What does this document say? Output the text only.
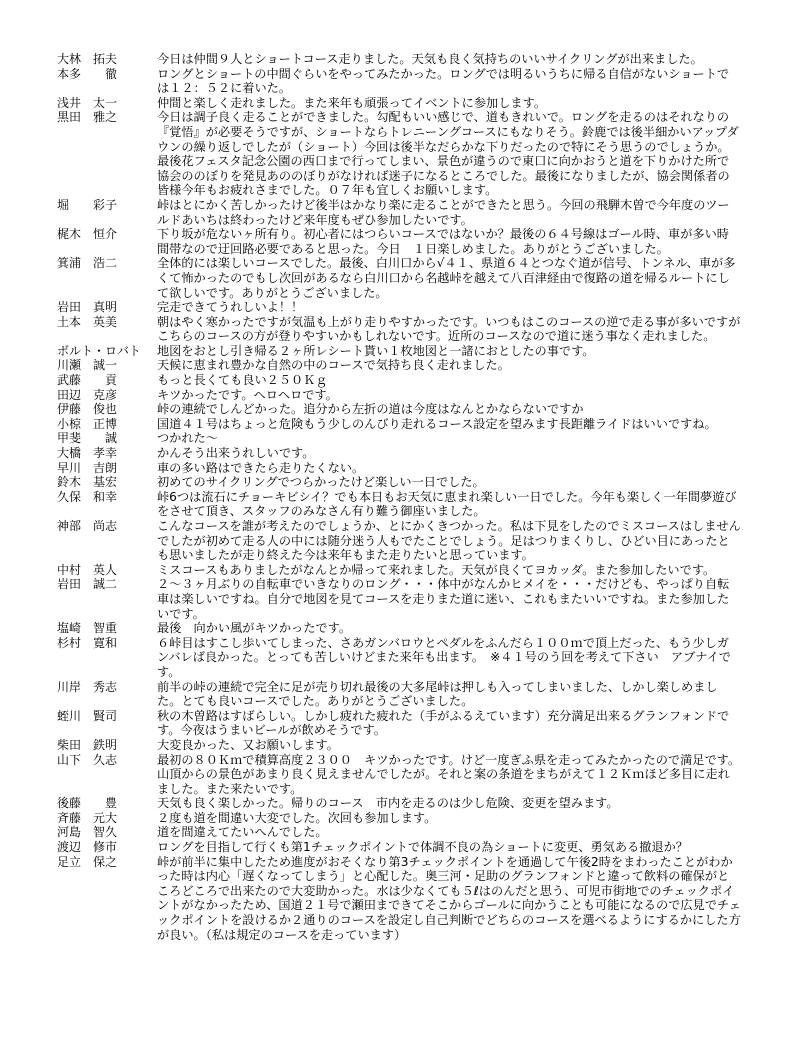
大林　拓夫	今日は仲間９人とショートコース走りました。天気も良く気持ちのいいサイクリングが出来ました。
本多　　徹	ロングとショートの中間ぐらいをやってみたかった。ロングでは明るいうちに帰る自信がないショートでは１２：５２に着いた。
浅井　太一	仲間と楽しく走れました。また来年も頑張ってイベントに参加します。
黒田　雅之	今日は調子良く走ることができました。勾配もいい感じで、道もきれいで。ロングを走るのはそれなりの『覚悟』が必要そうですが、ショートならトレニーングコースにもなりそう。鈴鹿では後半細かいアップダウンの繰り返しでしたが（ショート）今回は後半なだらかな下りだったので特にそう思うのでしょうか。最後花フェスタ記念公園の西口まで行ってしまい、景色が違うので東口に向かおうと道を下りかけた所で協会ののぼりを発見あののぼりがなければ迷子になるところでした。最後になりましたが、協会関係者の皆様今年もお疲れさまでした。０７年も宜しくお願いします。
堀　　彩子	峠はとにかく苦しかったけど後半はかなり楽に走ることができたと思う。今回の飛騨木曽で今年度のツールドあいちは終わったけど来年度もぜひ参加したいです。
梶木　恒介	下り坂が危ないヶ所有り。初心者にはつらいコースではないか？最後の６４号線はゴール時、車が多い時間帯なので迂回路必要であると思った。今日　１日楽しめました。ありがとうございました。
箕浦　浩二	全体的には楽しいコースでした。最後、白川口から√４１、県道６４とつなぐ道が信号、トンネル、車が多くて怖かったのでもし次回があるなら白川口から名越峠を越えて八百津経由で復路の道を帰るルートにして欲しいです。ありがとうございました。
岩田　真明	完走できてうれしいよ！！
土本　英美	朝はやく寒かったですが気温も上がり走りやすかったです。いつもはこのコースの逆で走る事が多いですがこちらのコースの方が登りやすいかもしれないです。近所のコースなので道に迷う事なく走れました。
ボルト・ロバト	地図をおとし引き帰る２ヶ所レシート貰い１枚地図と一諸におとしたの事です。
川瀬　誠一	天候に恵まれ豊かな自然の中のコースで気持ち良く走れました。
武藤　　貢	もっと長くても良い２５０Ｋｇ
田辺　克彦	キツかったです。ヘロヘロです。
伊藤　俊也	峠の連続でしんどかった。追分から左折の道は今度はなんとかならないですか
小椋　正博	国道４１号はちょっと危険もう少しのんびり走れるコース設定を望みます長距離ライドはいいですね。
甲斐　　誠	つかれた～
大橋　孝幸	かんそう出来うれしいです。
早川　吉朗	車の多い路はできたら走りたくない。
鈴木　基宏	初めてのサイクリングでつらかったけど楽しい一日でした。
久保　和幸	峠6つは流石にチョーキビシイ？でも本日もお天気に恵まれ楽しい一日でした。今年も楽しく一年間夢遊びをさせて頂き、スタッフのみなさん有り難う御座いました。
神部　尚志	こんなコースを誰が考えたのでしょうか、とにかくきつかった。私は下見をしたのでミスコースはしませんでしたが初めて走る人の中には随分迷う人もでたことでしょう。足はつりまくりし、ひどい目にあったとも思いましたが走り終えた今は来年もまた走りたいと思っています。
中村　英人	ミスコースもありましたがなんとか帰って来れました。天気が良くてヨカッダ。また参加したいです。
岩田　誠二	２～３ヶ月ぶりの自転車でいきなりのロング・・・体中がなんかヒメイを・・・だけども、やっぱり自転車は楽しいですね。自分で地図を見てコースを走りまた道に迷い、これもまたいいですね。また参加したいです。
塩崎　智重	最後　向かい風がキツかったです。
杉村　寛和	６峠目はすこし歩いてしまった、さあガンバロウとペダルをふんだら１００ｍで頂上だった、もう少しガンバレば良かった。とっても苦しいけどまた来年も出ます。　※４１号のう回を考えて下さい　アブナイです。
川岸　秀志	前半の峠の連続で完全に足が売り切れ最後の大多尾峠は押しも入ってしまいました、しかし楽しめました。とても良いコースでした。ありがとうございました。
蛭川　賢司	秋の木曽路はすばらしい。しかし疲れた疲れた（手がふるえています）充分満足出来るグランフォンドです。今夜はうまいビールが飲めそうです。
柴田　鉄明	大変良かった、又お願いします。
山下　久志	最初の８０Ｋｍで積算高度２３００　キツかったです。けど一度ぎふ県を走ってみたかったので満足です。山頂からの景色があまり良く見えませんでしたが。それと案の条道をまちがえて１２Ｋｍほど多目に走れました。また来たいです。
後藤　　豊	天気も良く楽しかった。帰りのコース　市内を走るのは少し危険、変更を望みます。
斉藤　元大	２度も道を間違い大変でした。次回も参加します。
河島　智久	道を間違えてたいへんでした。
渡辺　修市	ロングを目指して行くも第1チェックポイントで体調不良の為ショートに変更、勇気ある撤退か？
足立　保之	峠が前半に集中したため進度がおそくなり第3チェックポイントを通過して午後2時をまわったことがわかった時は内心「遅くなってしまう」と心配した。奥三河・足助のグランフォンドと違って飲料の確保がところどころで出来たので大変助かった。水は少なくても５ℓはのんだと思う、可児市街地でのチェックポイントがなかったため、国道２１号で瀬田まできてそこからゴールに向かうことも可能になるので広見でチェックポイントを設けるか２通りのコースを設定し自己判断でどちらのコースを選べるようにするかにした方が良い。（私は規定のコースを走っています）
